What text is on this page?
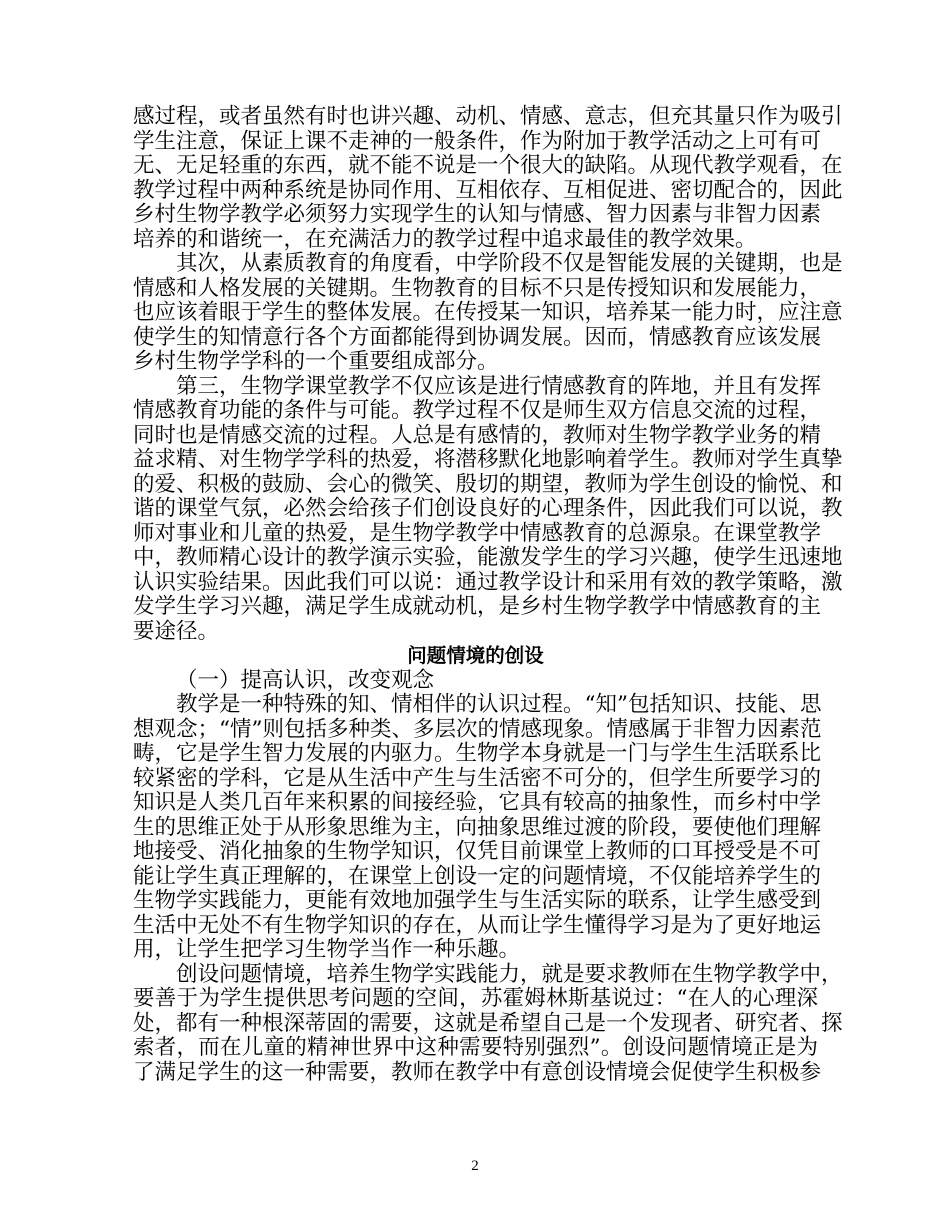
感过程，或者虽然有时也讲兴趣、动机、情感、意志，但充其量只作为吸引
学生注意，保证上课不走神的一般条件，作为附加于教学活动之上可有可
无、无足轻重的东西，就不能不说是一个很大的缺陷。从现代教学观看，在
教学过程中两种系统是协同作用、互相依存、互相促进、密切配合的，因此
乡村生物学教学必须努力实现学生的认知与情感、智力因素与非智力因素
培养的和谐统一，在充满活力的教学过程中追求最佳的教学效果。
其次，从素质教育的角度看，中学阶段不仅是智能发展的关键期，也是
情感和人格发展的关键期。生物教育的目标不只是传授知识和发展能力，
也应该着眼于学生的整体发展。在传授某一知识，培养某一能力时，应注意
使学生的知情意行各个方面都能得到协调发展。因而，情感教育应该发展
乡村生物学学科的一个重要组成部分。
第三，生物学课堂教学不仅应该是进行情感教育的阵地，并且有发挥
情感教育功能的条件与可能。教学过程不仅是师生双方信息交流的过程，
同时也是情感交流的过程。人总是有感情的，教师对生物学教学业务的精
益求精、对生物学学科的热爱，将潜移默化地影响着学生。教师对学生真挚
的爱、积极的鼓励、会心的微笑、殷切的期望，教师为学生创设的愉悦、和
谐的课堂气氛，必然会给孩子们创设良好的心理条件，因此我们可以说，教
师对事业和儿童的热爱，是生物学教学中情感教育的总源泉。在课堂教学
中，教师精心设计的教学演示实验，能激发学生的学习兴趣，使学生迅速地
认识实验结果。因此我们可以说：通过教学设计和采用有效的教学策略，激
发学生学习兴趣，满足学生成就动机，是乡村生物学教学中情感教育的主
要途径。
问题情境的创设
（一）提高认识，改变观念
教学是一种特殊的知、情相伴的认识过程。“知”包括知识、技能、思
想观念；“情”则包括多种类、多层次的情感现象。情感属于非智力因素范
畴，它是学生智力发展的内驱力。生物学本身就是一门与学生生活联系比
较紧密的学科，它是从生活中产生与生活密不可分的，但学生所要学习的
知识是人类几百年来积累的间接经验，它具有较高的抽象性，而乡村中学
生的思维正处于从形象思维为主，向抽象思维过渡的阶段，要使他们理解
地接受、消化抽象的生物学知识，仅凭目前课堂上教师的口耳授受是不可
能让学生真正理解的，在课堂上创设一定的问题情境，不仅能培养学生的
生物学实践能力，更能有效地加强学生与生活实际的联系，让学生感受到
生活中无处不有生物学知识的存在，从而让学生懂得学习是为了更好地运
用，让学生把学习生物学当作一种乐趣。
创设问题情境，培养生物学实践能力，就是要求教师在生物学教学中，
要善于为学生提供思考问题的空间，苏霍姆林斯基说过：“在人的心理深
处，都有一种根深蒂固的需要，这就是希望自己是一个发现者、研究者、探
索者，而在儿童的精神世界中这种需要特别强烈”。创设问题情境正是为
了满足学生的这一种需要，教师在教学中有意创设情境会促使学生积极参
2
